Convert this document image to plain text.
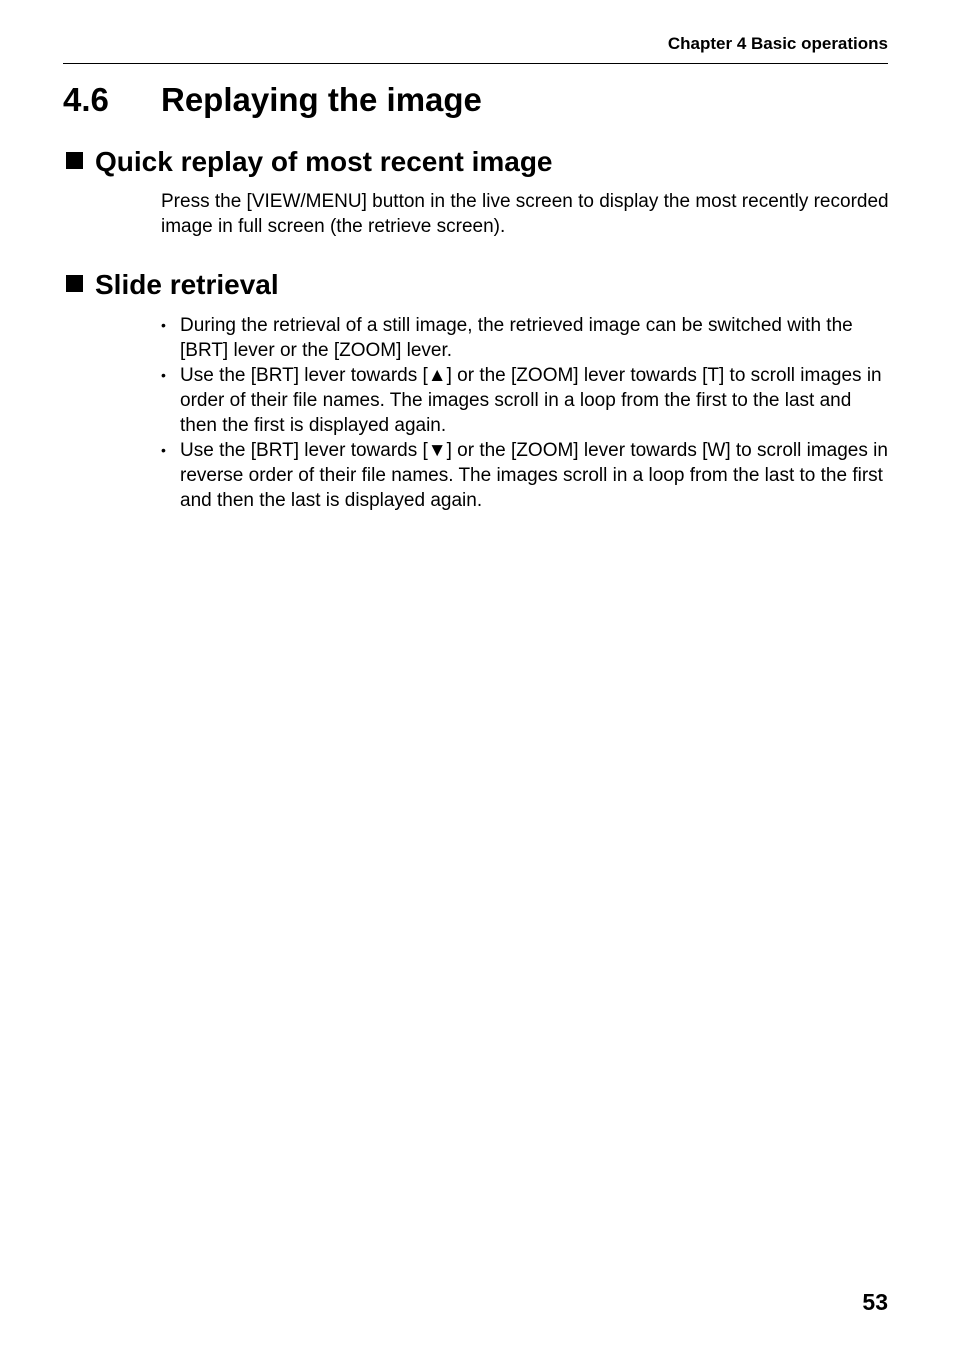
Chapter 4 Basic operations
4.6 Replaying the image
Quick replay of most recent image

Press the [VIEW/MENU] button in the live screen to display the most recently recorded image in full screen (the retrieve screen).

Slide retrieval
• During the retrieval of a still image, the retrieved image can be switched with the [BRT] lever or the [ZOOM] lever.
• Use the [BRT] lever towards [▲] or the [ZOOM] lever towards [T] to scroll images in order of their file names. The images scroll in a loop from the first to the last and then the first is displayed again.
• Use the [BRT] lever towards [▼] or the [ZOOM] lever towards [W] to scroll images in reverse order of their file names. The images scroll in a loop from the last to the first and then the last is displayed again.
53
